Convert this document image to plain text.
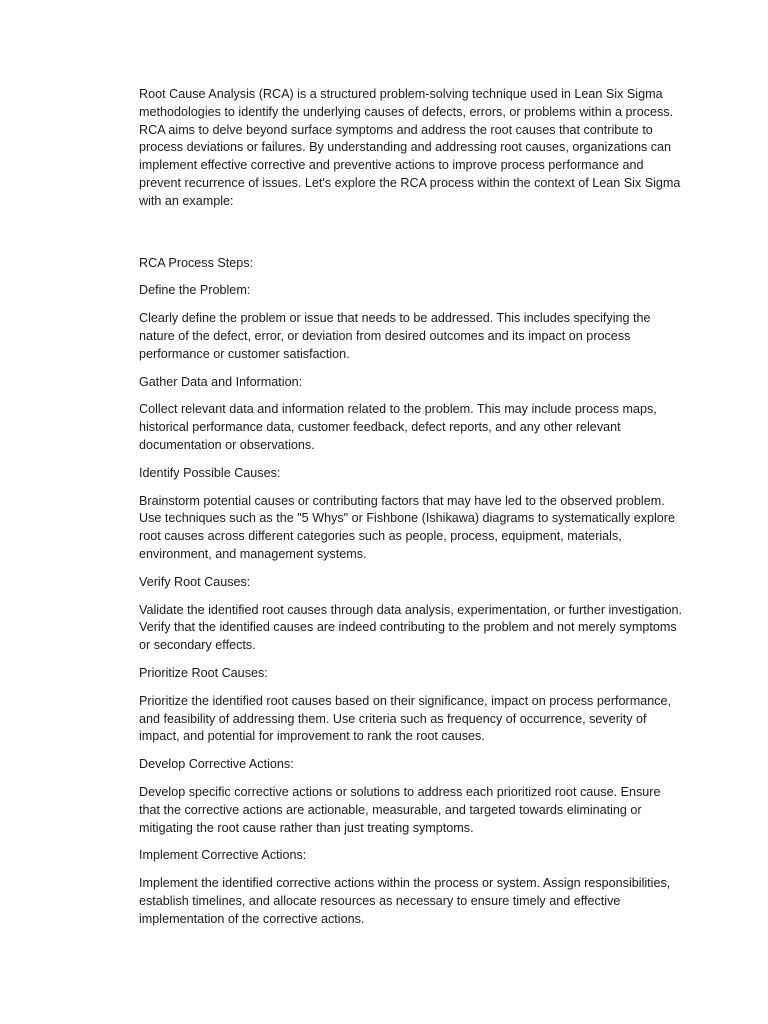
Root Cause Analysis (RCA) is a structured problem-solving technique used in Lean Six Sigma methodologies to identify the underlying causes of defects, errors, or problems within a process. RCA aims to delve beyond surface symptoms and address the root causes that contribute to process deviations or failures. By understanding and addressing root causes, organizations can implement effective corrective and preventive actions to improve process performance and prevent recurrence of issues. Let's explore the RCA process within the context of Lean Six Sigma with an example:

RCA Process Steps:

Define the Problem:

Clearly define the problem or issue that needs to be addressed. This includes specifying the nature of the defect, error, or deviation from desired outcomes and its impact on process performance or customer satisfaction.

Gather Data and Information:

Collect relevant data and information related to the problem. This may include process maps, historical performance data, customer feedback, defect reports, and any other relevant documentation or observations.

Identify Possible Causes:

Brainstorm potential causes or contributing factors that may have led to the observed problem. Use techniques such as the "5 Whys" or Fishbone (Ishikawa) diagrams to systematically explore root causes across different categories such as people, process, equipment, materials, environment, and management systems.

Verify Root Causes:

Validate the identified root causes through data analysis, experimentation, or further investigation. Verify that the identified causes are indeed contributing to the problem and not merely symptoms or secondary effects.

Prioritize Root Causes:

Prioritize the identified root causes based on their significance, impact on process performance, and feasibility of addressing them. Use criteria such as frequency of occurrence, severity of impact, and potential for improvement to rank the root causes.

Develop Corrective Actions:

Develop specific corrective actions or solutions to address each prioritized root cause. Ensure that the corrective actions are actionable, measurable, and targeted towards eliminating or mitigating the root cause rather than just treating symptoms.

Implement Corrective Actions:

Implement the identified corrective actions within the process or system. Assign responsibilities, establish timelines, and allocate resources as necessary to ensure timely and effective implementation of the corrective actions.
